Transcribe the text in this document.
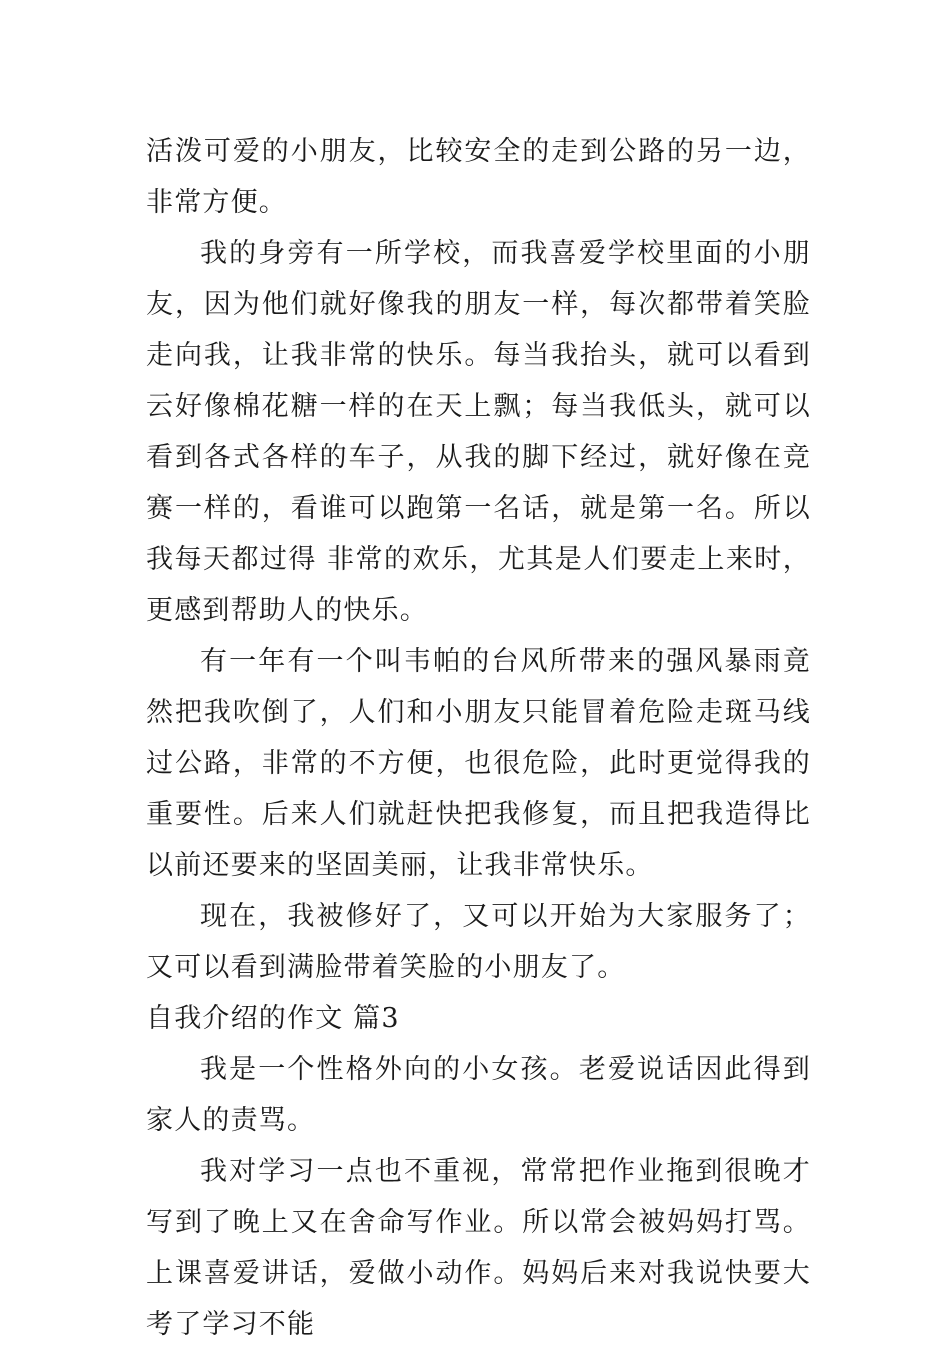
活泼可爱的小朋友，比较安全的走到公路的另一边，非常方便。

我的身旁有一所学校，而我喜爱学校里面的小朋友，因为他们就好像我的朋友一样，每次都带着笑脸走向我，让我非常的快乐。每当我抬头，就可以看到云好像棉花糖一样的在天上飘；每当我低头，就可以看到各式各样的车子，从我的脚下经过，就好像在竞赛一样的，看谁可以跑第一名话，就是第一名。所以我每天都过得 非常的欢乐，尤其是人们要走上来时，更感到帮助人的快乐。

有一年有一个叫韦帕的台风所带来的强风暴雨竟然把我吹倒了，人们和小朋友只能冒着危险走斑马线过公路，非常的不方便，也很危险，此时更觉得我的重要性。后来人们就赶快把我修复，而且把我造得比以前还要来的坚固美丽，让我非常快乐。

现在，我被修好了，又可以开始为大家服务了；又可以看到满脸带着笑脸的小朋友了。

自我介绍的作文 篇3

我是一个性格外向的小女孩。老爱说话因此得到家人的责骂。

我对学习一点也不重视，常常把作业拖到很晚才写到了晚上又在舍命写作业。所以常会被妈妈打骂。上课喜爱讲话，爱做小动作。妈妈后来对我说快要大考了学习不能
